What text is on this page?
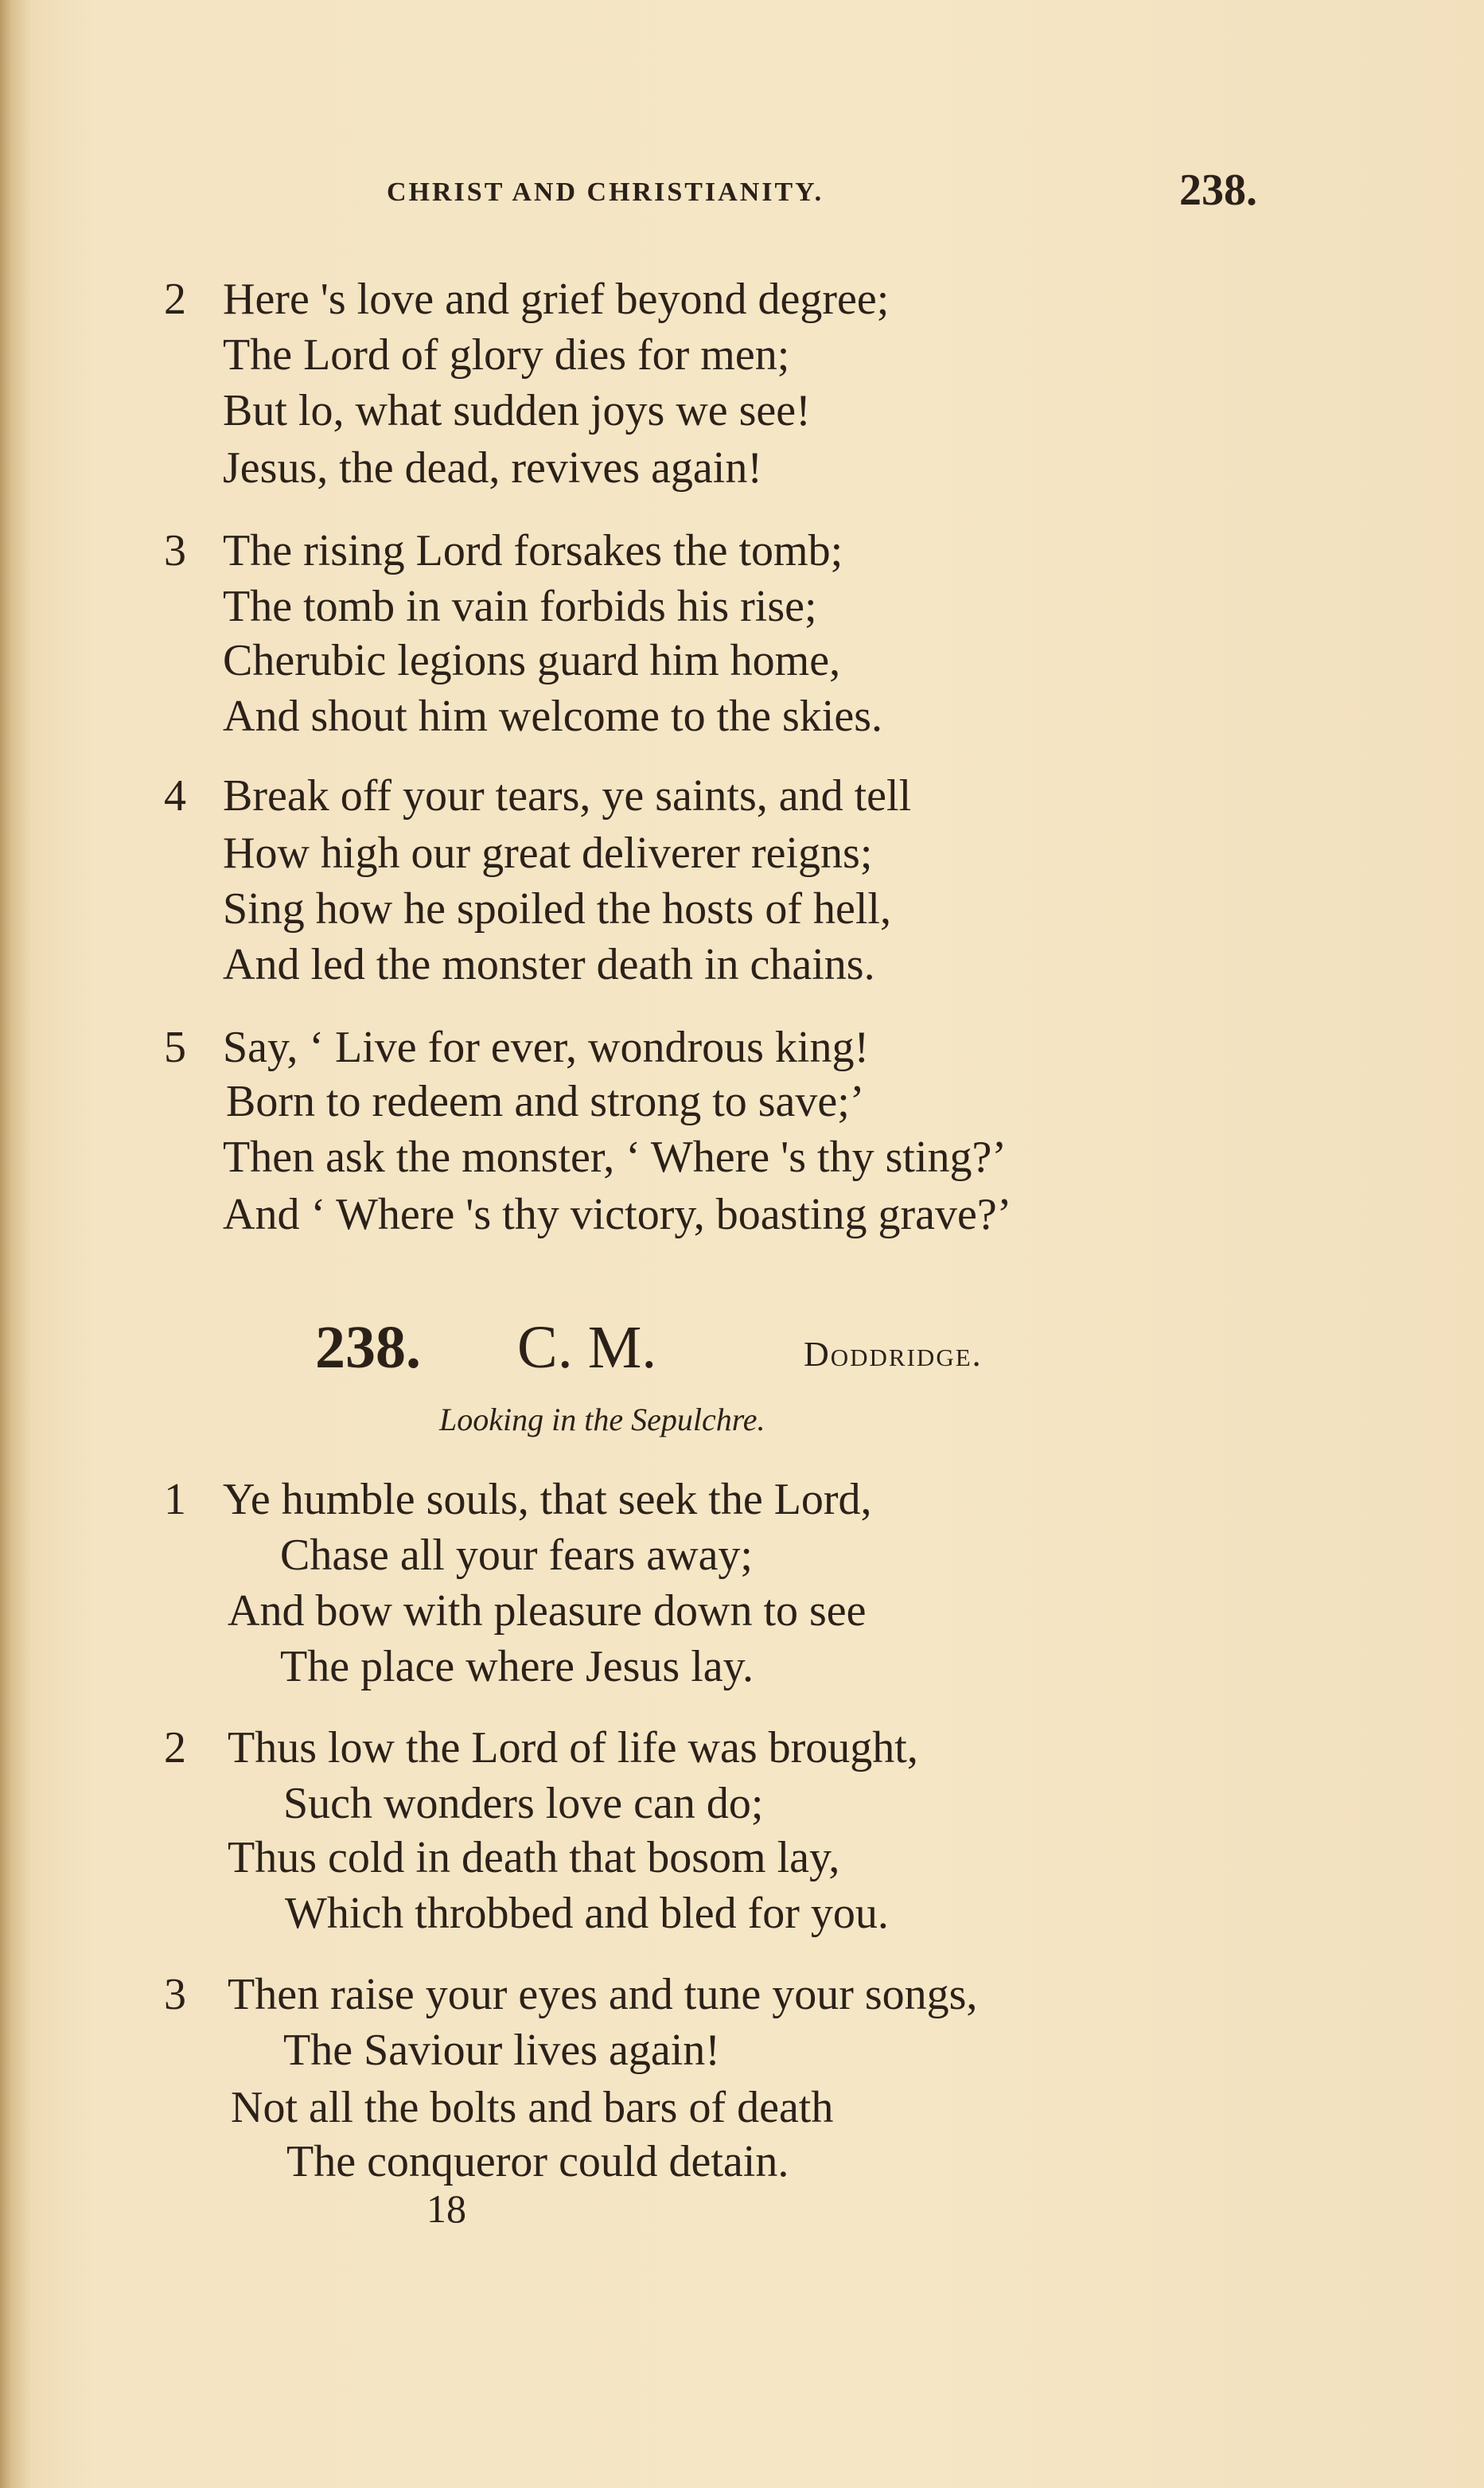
CHRIST AND CHRISTIANITY.	238.
2 Here 's love and grief beyond degree;
The Lord of glory dies for men;
But lo, what sudden joys we see!
Jesus, the dead, revives again!
3 The rising Lord forsakes the tomb;
The tomb in vain forbids his rise;
Cherubic legions guard him home,
And shout him welcome to the skies.
4 Break off your tears, ye saints, and tell
How high our great deliverer reigns;
Sing how he spoiled the hosts of hell,
And led the monster death in chains.
5 Say, ‘ Live for ever, wondrous king!
Born to redeem and strong to save;’
Then ask the monster, ‘ Where 's thy sting?’
And ‘ Where 's thy victory, boasting grave?’
238. C. M.	Doddridge.
Looking in the Sepulchre.
1 Ye humble souls, that seek the Lord,
Chase all your fears away;
And bow with pleasure down to see
The place where Jesus lay.
2 Thus low the Lord of life was brought,
Such wonders love can do;
Thus cold in death that bosom lay,
Which throbbed and bled for you.
3 Then raise your eyes and tune your songs,
The Saviour lives again!
Not all the bolts and bars of death
The conqueror could detain.
18
